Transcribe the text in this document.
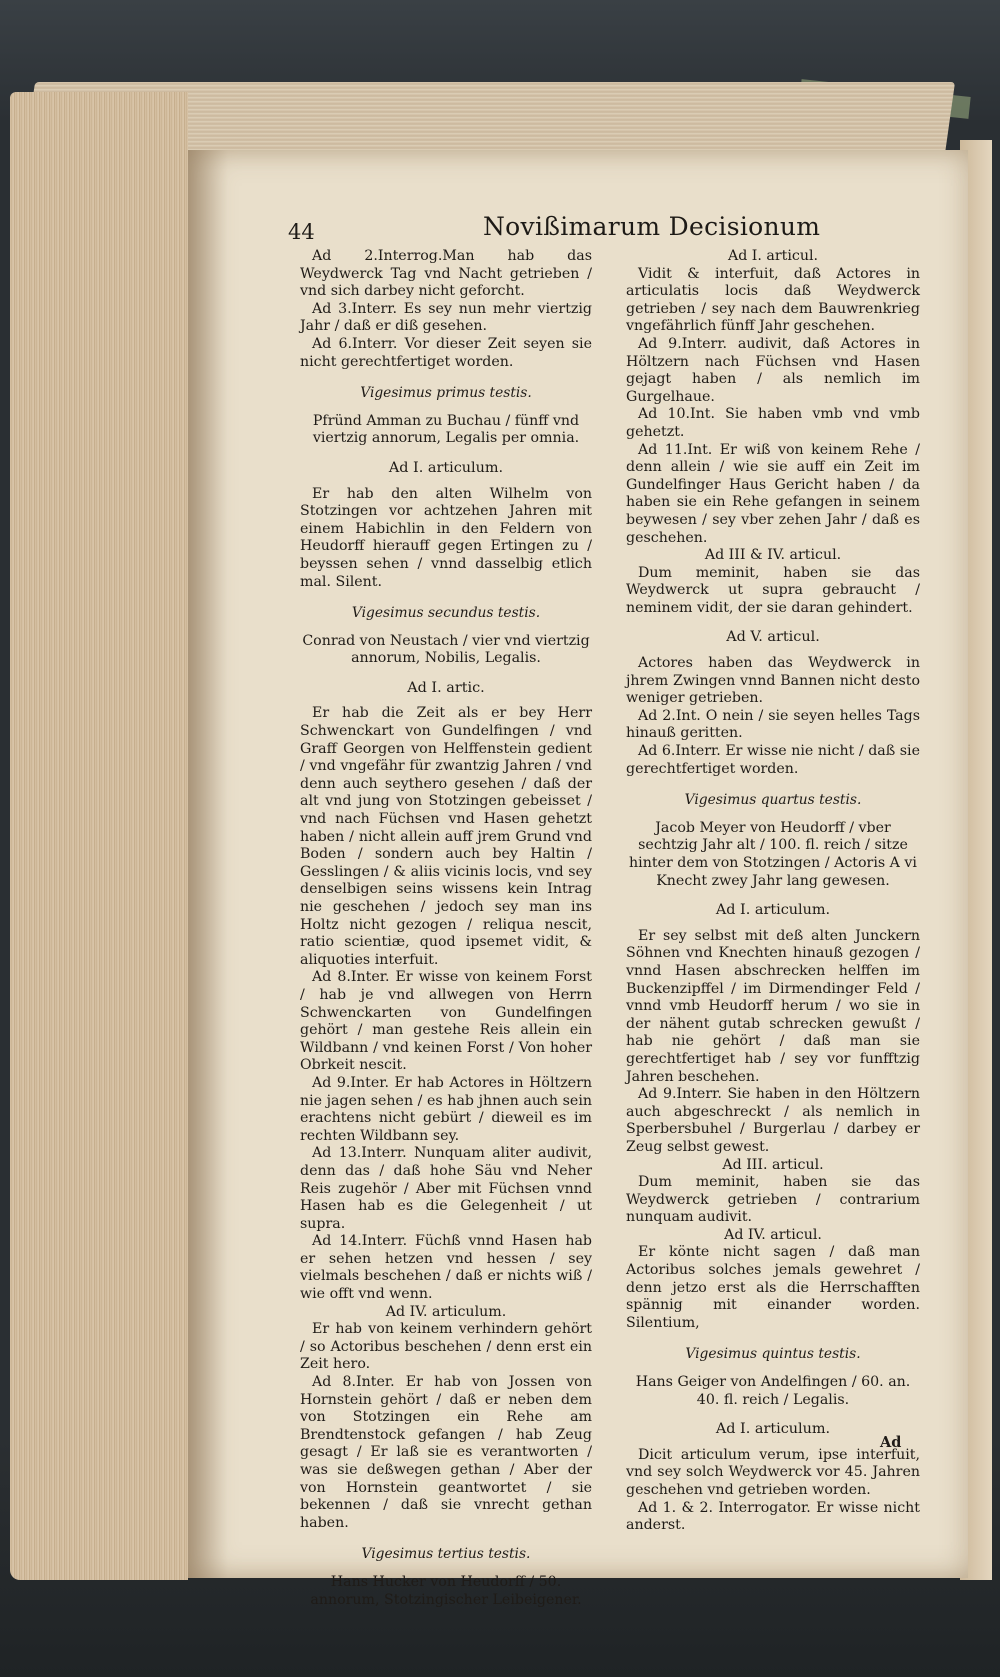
44	Novißimarum Decisionum

Ad 2.Interrog.Man hab das Weydwerck Tag vnd Nacht getrieben / vnd sich darbey nicht geforcht.

Ad 3.Interr. Es sey nun mehr viertzig Jahr / daß er diß gesehen.

Ad 6.Interr. Vor dieser Zeit seyen sie nicht gerechtfertiget worden.

Vigesimus primus testis.

Pfründ Amman zu Buchau / fünff vnd viertzig annorum, Legalis per omnia.

Ad I. articulum.

Er hab den alten Wilhelm von Stotzingen vor achtzehen Jahren mit einem Habichlin in den Feldern von Heudorff hierauff gegen Ertingen zu / beyssen sehen / vnnd dasselbig etlich mal. Silent.

Vigesimus secundus testis.

Conrad von Neustach / vier vnd viertzig annorum, Nobilis, Legalis.

Ad I. artic.

Er hab die Zeit als er bey Herr Schwenckart von Gundelfingen / vnd Graff Georgen von Helffenstein gedient / vnd vngefähr für zwantzig Jahren / vnd denn auch seythero gesehen / daß der alt vnd jung von Stotzingen gebeisset / vnd nach Füchsen vnd Hasen gehetzt haben / nicht allein auff jrem Grund vnd Boden / sondern auch bey Haltin / Gesslingen / & aliis vicinis locis, vnd sey denselbigen seins wissens kein Intrag nie geschehen / jedoch sey man ins Holtz nicht gezogen / reliqua nescit, ratio scientiæ, quod ipsemet vidit, & aliquoties interfuit.

Ad 8.Inter. Er wisse von keinem Forst / hab je vnd allwegen von Herrn Schwenckarten von Gundelfingen gehört / man gestehe Reis allein ein Wildbann / vnd keinen Forst / Von hoher Obrkeit nescit.

Ad 9.Inter. Er hab Actores in Höltzern nie jagen sehen / es hab jhnen auch sein erachtens nicht gebürt / dieweil es im rechten Wildbann sey.

Ad 13.Interr. Nunquam aliter audivit, denn das / daß hohe Säu vnd Neher Reis zugehör / Aber mit Füchsen vnnd Hasen hab es die Gelegenheit / ut supra.

Ad 14.Interr. Füchß vnnd Hasen hab er sehen hetzen vnd hessen / sey vielmals beschehen / daß er nichts wiß / wie offt vnd wenn.

Ad IV. articulum.

Er hab von keinem verhindern gehört / so Actoribus beschehen / denn erst ein Zeit hero.

Ad 8.Inter. Er hab von Jossen von Hornstein gehört / daß er neben dem von Stotzingen ein Rehe am Brendtenstock gefangen / hab Zeug gesagt / Er laß sie es verantworten / was sie deßwegen gethan / Aber der von Hornstein geantwortet / sie bekennen / daß sie vnrecht gethan haben.

Vigesimus tertius testis.

Hans Hucker von Heudorff / 50. annorum, Stotzingischer Leibeigener.

Ad I. articul.

Vidit & interfuit, daß Actores in articulatis locis daß Weydwerck getrieben / sey nach dem Bauwrenkrieg vngefährlich fünff Jahr geschehen.

Ad 9.Interr. audivit, daß Actores in Höltzern nach Füchsen vnd Hasen gejagt haben / als nemlich im Gurgelhaue.

Ad 10.Int. Sie haben vmb vnd vmb gehetzt.

Ad 11.Int. Er wiß von keinem Rehe / denn allein / wie sie auff ein Zeit im Gundelfinger Haus Gericht haben / da haben sie ein Rehe gefangen in seinem beywesen / sey vber zehen Jahr / daß es geschehen.

Ad III & IV. articul.

Dum meminit, haben sie das Weydwerck ut supra gebraucht / neminem vidit, der sie daran gehindert.

Ad V. articul.

Actores haben das Weydwerck in jhrem Zwingen vnnd Bannen nicht desto weniger getrieben.

Ad 2.Int. O nein / sie seyen helles Tags hinauß geritten.

Ad 6.Interr. Er wisse nie nicht / daß sie gerechtfertiget worden.

Vigesimus quartus testis.

Jacob Meyer von Heudorff / vber sechtzig Jahr alt / 100. fl. reich / sitze hinter dem von Stotzingen / Actoris A vi Knecht zwey Jahr lang gewesen.

Ad I. articulum.

Er sey selbst mit deß alten Junckern Söhnen vnd Knechten hinauß gezogen / vnnd Hasen abschrecken helffen im Buckenzipffel / im Dirmendinger Feld / vnnd vmb Heudorff herum / wo sie in der nähent gutab schrecken gewußt / hab nie gehört / daß man sie gerechtfertiget hab / sey vor funfftzig Jahren beschehen.

Ad 9.Interr. Sie haben in den Höltzern auch abgeschreckt / als nemlich in Sperbersbuhel / Burgerlau / darbey er Zeug selbst gewest.

Ad III. articul.

Dum meminit, haben sie das Weydwerck getrieben / contrarium nunquam audivit.

Ad IV. articul.

Er könte nicht sagen / daß man Actoribus solches jemals gewehret / denn jetzo erst als die Herrschafften spännig mit einander worden. Silentium,

Vigesimus quintus testis.

Hans Geiger von Andelfingen / 60. an. 40. fl. reich / Legalis.

Ad I. articulum.

Dicit articulum verum, ipse interfuit, vnd sey solch Weydwerck vor 45. Jahren geschehen vnd getrieben worden.

Ad 1. & 2. Interrogator. Er wisse nicht anderst.

Ad
